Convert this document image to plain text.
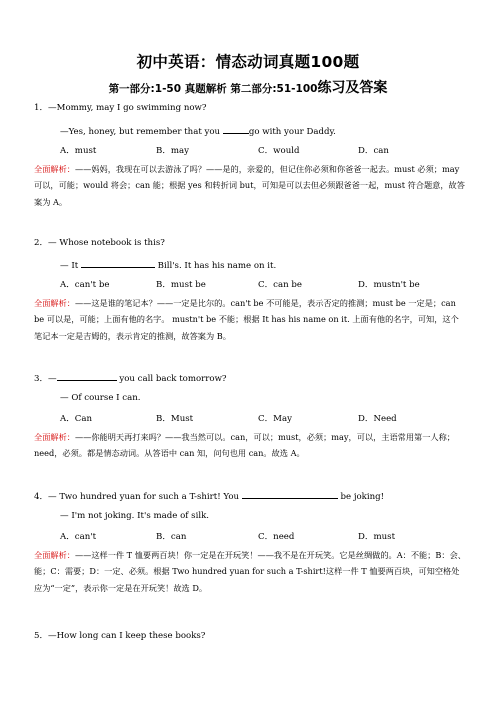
初中英语：情态动词真题100题
第一部分:1-50 真题解析 第二部分:51-100练习及答案
1．—Mommy, may I go swimming now?
—Yes, honey, but remember that you	go with your Daddy.
A．must	B．may	C．would	D．can
全面解析：——妈妈，我现在可以去游泳了吗？——是的，亲爱的，但记住你必须和你爸爸一起去。must 必须；may 可以，可能；would 将会；can 能；根据 yes 和转折词 but，可知是可以去但必须跟爸爸一起，must 符合题意，故答案为 A。
2．— Whose notebook is this?
— It	Bill's. It has his name on it.
A．can't be	B．must be	C．can be	D．mustn't be
全面解析：——这是谁的笔记本？——一定是比尔的。can't be 不可能是，表示否定的推测；must be 一定是；can be 可以是，可能；上面有他的名字。 mustn't be 不能；根据 It has his name on it. 上面有他的名字，可知，这个笔记本一定是吉姆的，表示肯定的推测，故答案为 B。
3．—	you call back tomorrow?
— Of course I can.
A．Can	B．Must	C．May	D．Need
全面解析：——你能明天再打来吗？——我当然可以。can，可以；must，必须；may，可以，主语常用第一人称；need，必须。都是情态动词。从答语中 can 知，问句也用 can。故选 A。
4．— Two hundred yuan for such a T-shirt! You	be joking!
— I'm not joking. It's made of silk.
A．can't	B．can	C．need	D．must
全面解析：——这样一件 T 恤要两百块！你一定是在开玩笑！——我不是在开玩笑。它是丝绸做的。A：不能；B：会、能；C：需要；D：一定、必须。根据 Two hundred yuan for such a T-shirt!这样一件 T 恤要两百块，可知空格处应为“一定”，表示你一定是在开玩笑！故选 D。
5．—How long can I keep these books?
